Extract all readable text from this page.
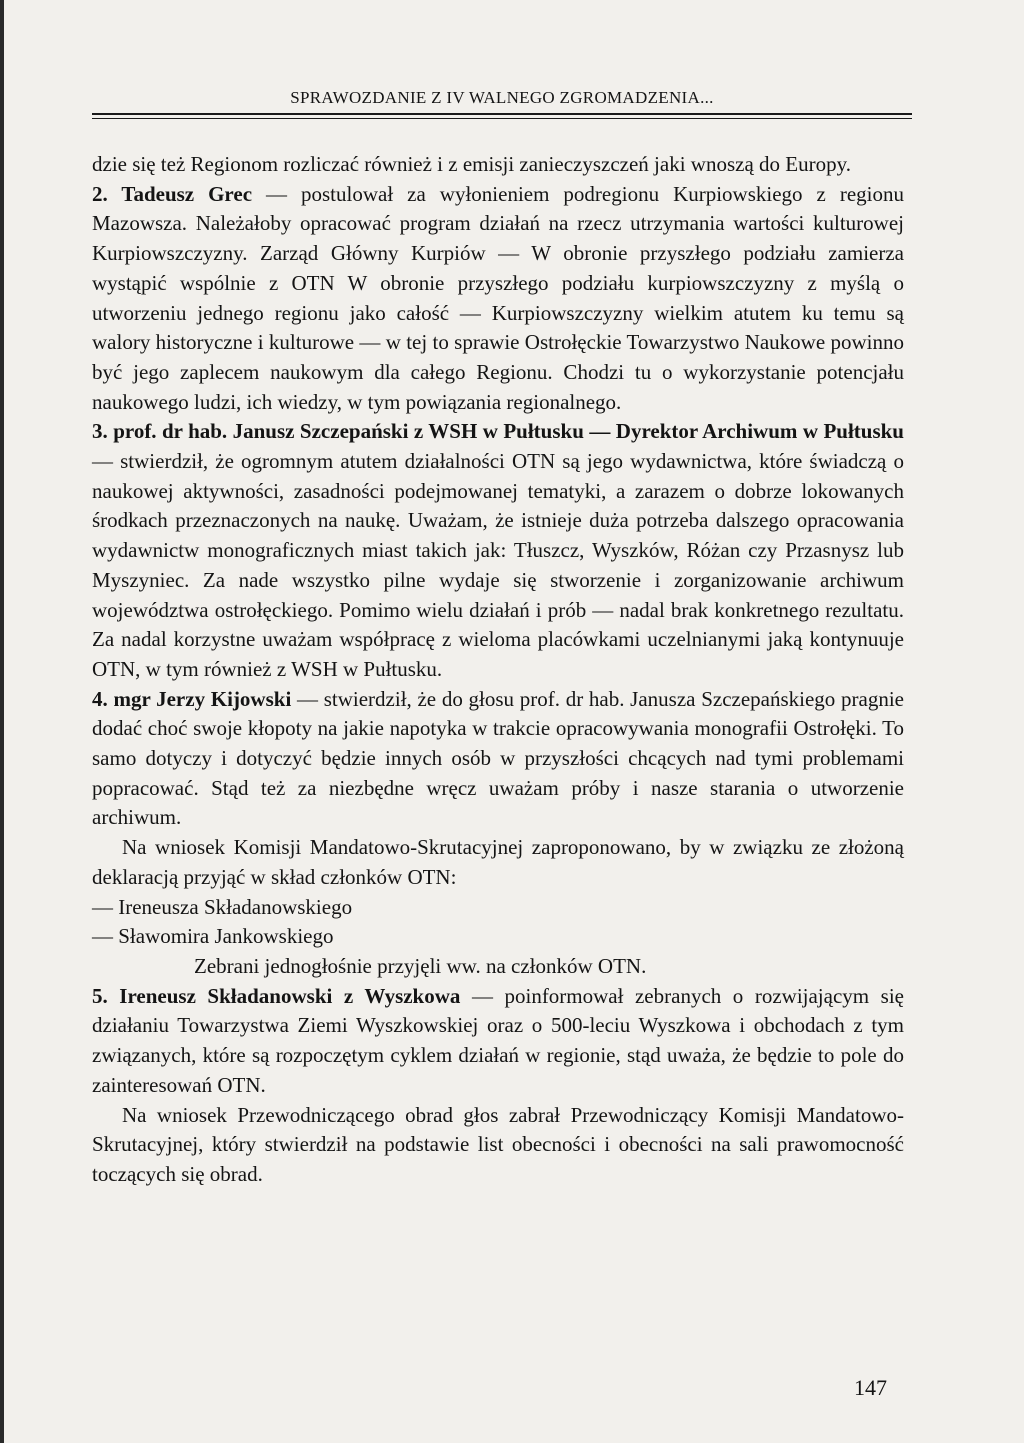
SPRAWOZDANIE Z IV WALNEGO ZGROMADZENIA...

dzie się też Regionom rozliczać również i z emisji zanieczyszczeń jaki wnoszą do Europy.

2. Tadeusz Grec — postulował za wyłonieniem podregionu Kurpiowskiego z regionu Mazowsza. Należałoby opracować program działań na rzecz utrzymania wartości kulturowej Kurpiowszczyzny. Zarząd Główny Kurpiów — W obronie przyszłego podziału zamierza wystąpić wspólnie z OTN W obronie przyszłego podziału kurpiowszczyzny z myślą o utworzeniu jednego regionu jako całość — Kurpiowszczyzny wielkim atutem ku temu są walory historyczne i kulturowe — w tej to sprawie Ostrołęckie Towarzystwo Naukowe powinno być jego zaplecem naukowym dla całego Regionu. Chodzi tu o wykorzystanie potencjału naukowego ludzi, ich wiedzy, w tym powiązania regionalnego.

3. prof. dr hab. Janusz Szczepański z WSH w Pułtusku — Dyrektor Archiwum w Pułtusku — stwierdził, że ogromnym atutem działalności OTN są jego wydawnictwa, które świadczą o naukowej aktywności, zasadności podejmowanej tematyki, a zarazem o dobrze lokowanych środkach przeznaczonych na naukę. Uważam, że istnieje duża potrzeba dalszego opracowania wydawnictw monograficznych miast takich jak: Tłuszcz, Wyszków, Różan czy Przasnysz lub Myszyniec. Za nade wszystko pilne wydaje się stworzenie i zorganizowanie archiwum województwa ostrołęckiego. Pomimo wielu działań i prób — nadal brak konkretnego rezultatu. Za nadal korzystne uważam współpracę z wieloma placówkami uczelnianymi jaką kontynuuje OTN, w tym również z WSH w Pułtusku.

4. mgr Jerzy Kijowski — stwierdził, że do głosu prof. dr hab. Janusza Szczepańskiego pragnie dodać choć swoje kłopoty na jakie napotyka w trakcie opracowywania monografii Ostrołęki. To samo dotyczy i dotyczyć będzie innych osób w przyszłości chcących nad tymi problemami popracować. Stąd też za niezbędne wręcz uważam próby i nasze starania o utworzenie archiwum.

Na wniosek Komisji Mandatowo-Skrutacyjnej zaproponowano, by w związku ze złożoną deklaracją przyjąć w skład członków OTN:

— Ireneusza Składanowskiego

— Sławomira Jankowskiego

Zebrani jednogłośnie przyjęli ww. na członków OTN.

5. Ireneusz Składanowski z Wyszkowa — poinformował zebranych o rozwijającym się działaniu Towarzystwa Ziemi Wyszkowskiej oraz o 500-leciu Wyszkowa i obchodach z tym związanych, które są rozpoczętym cyklem działań w regionie, stąd uważa, że będzie to pole do zainteresowań OTN.

Na wniosek Przewodniczącego obrad głos zabrał Przewodniczący Komisji Mandatowo-Skrutacyjnej, który stwierdził na podstawie list obecności i obecności na sali prawomocność toczących się obrad.

147
